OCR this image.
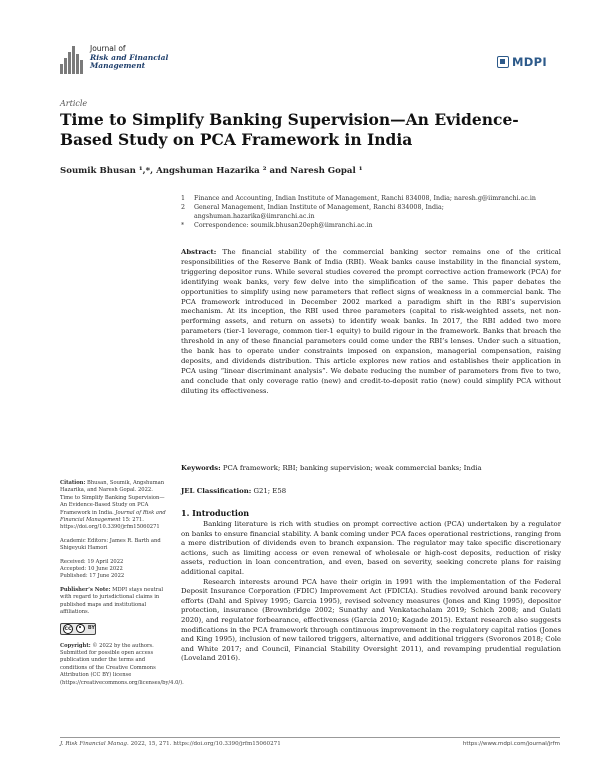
Journal of
Risk and Financial
Management	MDPI
Article
Time to Simplify Banking Supervision—An Evidence-Based Study on PCA Framework in India
Soumik Bhusan ¹,*, Angshuman Hazarika ² and Naresh Gopal ¹
1	Finance and Accounting, Indian Institute of Management, Ranchi 834008, India; naresh.g@iimranchi.ac.in
2	General Management, Indian Institute of Management, Ranchi 834008, India; angshuman.hazarika@iimranchi.ac.in
*	Correspondence: soumik.bhusan20eph@iimranchi.ac.in
Abstract: The financial stability of the commercial banking sector remains one of the critical responsibilities of the Reserve Bank of India (RBI). Weak banks cause instability in the financial system, triggering depositor runs. While several studies covered the prompt corrective action framework (PCA) for identifying weak banks, very few delve into the simplification of the same. This paper debates the opportunities to simplify using new parameters that reflect signs of weakness in a commercial bank. The PCA framework introduced in December 2002 marked a paradigm shift in the RBI’s supervision mechanism. At its inception, the RBI used three parameters (capital to risk-weighted assets, net non-performing assets, and return on assets) to identify weak banks. In 2017, the RBI added two more parameters (tier-1 leverage, common tier-1 equity) to build rigour in the framework. Banks that breach the threshold in any of these financial parameters could come under the RBI’s lenses. Under such a situation, the bank has to operate under constraints imposed on expansion, managerial compensation, raising deposits, and dividends distribution. This article explores new ratios and establishes their application in PCA using “linear discriminant analysis”. We debate reducing the number of parameters from five to two, and conclude that only coverage ratio (new) and credit-to-deposit ratio (new) could simplify PCA without diluting its effectiveness.
Keywords: PCA framework; RBI; banking supervision; weak commercial banks; India
JEL Classification: G21; E58
Citation: Bhusan, Soumik, Angshuman Hazarika, and Naresh Gopal. 2022. Time to Simplify Banking Supervision—An Evidence-Based Study on PCA Framework in India. Journal of Risk and Financial Management 15: 271. https://doi.org/10.3390/jrfm15060271
Academic Editors: James R. Barth and Shigeyuki Hamori
Received: 19 April 2022
Accepted: 10 June 2022
Published: 17 June 2022
Publisher’s Note: MDPI stays neutral with regard to jurisdictional claims in published maps and institutional affiliations.
cc	BY
Copyright: © 2022 by the authors. Submitted for possible open access publication under the terms and conditions of the Creative Commons Attribution (CC BY) license (https://creativecommons.org/licenses/by/4.0/).
1. Introduction

Banking literature is rich with studies on prompt corrective action (PCA) undertaken by a regulator on banks to ensure financial stability. A bank coming under PCA faces operational restrictions, ranging from a mere distribution of dividends even to branch expansion. The regulator may take specific discretionary actions, such as limiting access or even renewal of wholesale or high-cost deposits, reduction of risky assets, reduction in loan concentration, and even, based on severity, seeking concrete plans for raising additional capital.

Research interests around PCA have their origin in 1991 with the implementation of the Federal Deposit Insurance Corporation (FDIC) Improvement Act (FDICIA). Studies revolved around bank recovery efforts (Dahl and Spivey 1995; Garcia 1995), revised solvency measures (Jones and King 1995), depositor protection, insurance (Brownbridge 2002; Sunathy and Venkatachalam 2019; Schich 2008; and Gulati 2020), and regulator forbearance, effectiveness (Garcia 2010; Kagade 2015). Extant research also suggests modifications in the PCA framework through continuous improvement in the regulatory capital ratios (Jones and King 1995), inclusion of new tailored triggers, alternative, and additional triggers (Svoronos 2018; Cole and White 2017; and Council, Financial Stability Oversight 2011), and revamping prudential regulation (Loveland 2016).

J. Risk Financial Manag. 2022, 15, 271. https://doi.org/10.3390/jrfm15060271	https://www.mdpi.com/journal/jrfm
